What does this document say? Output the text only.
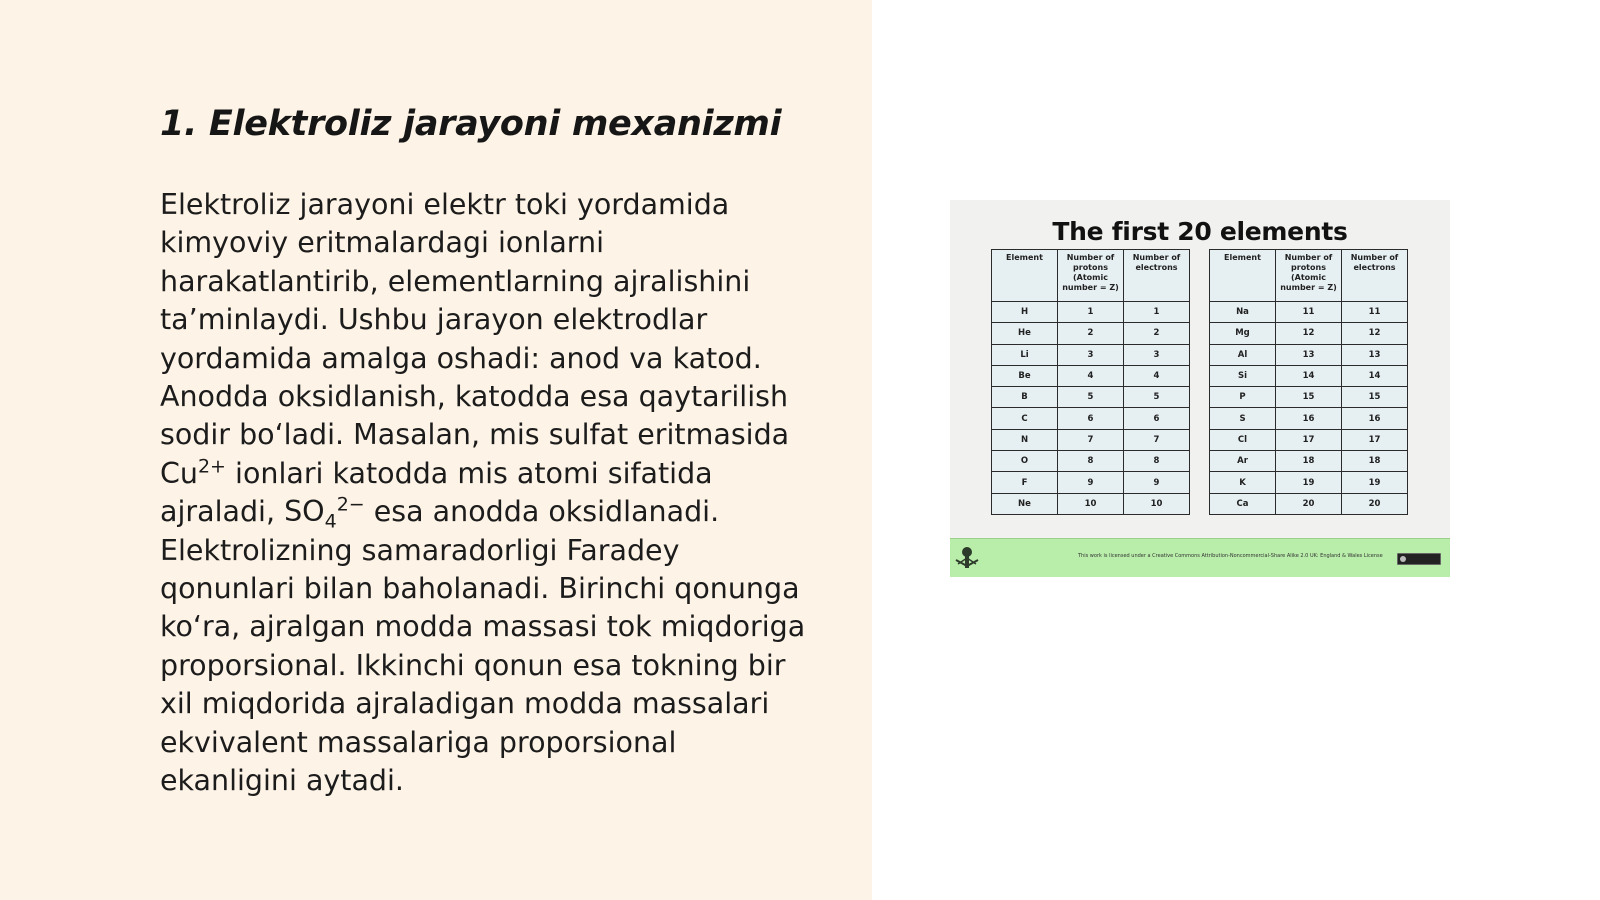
1. Elektroliz jarayoni mexanizmi

Elektroliz jarayoni elektr toki yordamida
kimyoviy eritmalardagi ionlarni
harakatlantirib, elementlarning ajralishini
ta’minlaydi. Ushbu jarayon elektrodlar
yordamida amalga oshadi: anod va katod.
Anodda oksidlanish, katodda esa qaytarilish
sodir bo‘ladi. Masalan, mis sulfat eritmasida
$Cu^{2+}$ ionlari katodda mis atomi sifatida
ajraladi, $SO_4^{2-}$ esa anodda oksidlanadi.
Elektrolizning samaradorligi Faradey
qonunlari bilan baholanadi. Birinchi qonunga
ko‘ra, ajralgan modda massasi tok miqdoriga
proporsional. Ikkinchi qonun esa tokning bir
xil miqdorida ajraladigan modda massalari
ekvivalent massalariga proporsional
ekanligini aytadi.

The first 20 elements
Element	Number of protons (Atomic number = Z)	Number of electrons
H	1	1
He	2	2
Li	3	3
Be	4	4
B	5	5
C	6	6
N	7	7
O	8	8
F	9	9
Ne	10	10
Element	Number of protons (Atomic number = Z)	Number of electrons
Na	11	11
Mg	12	12
Al	13	13
Si	14	14
P	15	15
S	16	16
Cl	17	17
Ar	18	18
K	19	19
Ca	20	20
This work is licensed under a Creative Commons Attribution-Noncommercial-Share Alike 2.0 UK: England & Wales License
